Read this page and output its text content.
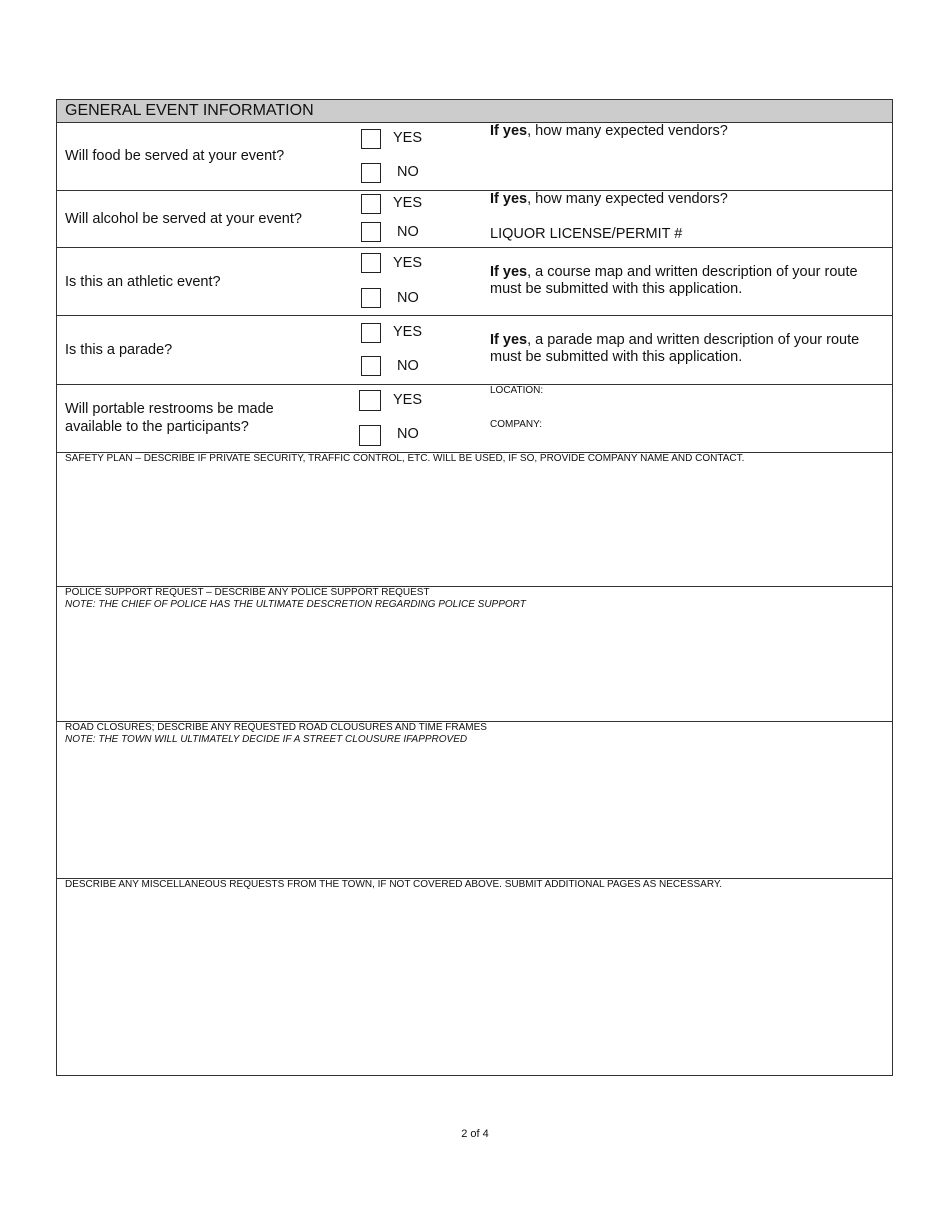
GENERAL EVENT INFORMATION
Will food be served at your event?
YES
NO
If yes, how many expected vendors?
Will alcohol be served at your event?
YES
NO
If yes, how many expected vendors?
LIQUOR LICENSE/PERMIT #
Is this an athletic event?
YES
NO
If yes, a course map and written description of your route must be submitted with this application.
Is this a parade?
YES
NO
If yes, a parade map and written description of your route must be submitted with this application.
Will portable restrooms be made
available to the participants?
YES
NO
LOCATION:
COMPANY:
SAFETY PLAN – DESCRIBE IF PRIVATE SECURITY, TRAFFIC CONTROL, ETC. WILL BE USED, IF SO, PROVIDE COMPANY NAME AND CONTACT.
POLICE SUPPORT REQUEST – DESCRIBE ANY POLICE SUPPORT REQUEST
NOTE: THE CHIEF OF POLICE HAS THE ULTIMATE DESCRETION REGARDING POLICE SUPPORT
ROAD CLOSURES; DESCRIBE ANY REQUESTED ROAD CLOUSURES AND TIME FRAMES
NOTE: THE TOWN WILL ULTIMATELY DECIDE IF A STREET CLOUSURE IFAPPROVED
DESCRIBE ANY MISCELLANEOUS REQUESTS FROM THE TOWN, IF NOT COVERED ABOVE. SUBMIT ADDITIONAL PAGES AS NECESSARY.
2 of 4
